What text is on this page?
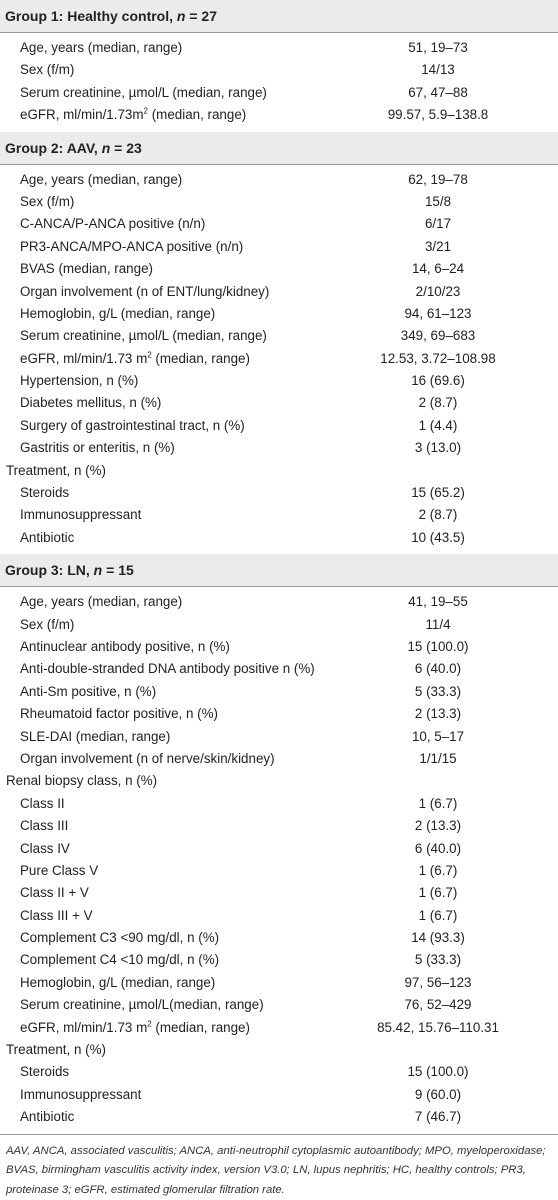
Group 1: Healthy control, n = 27
Age, years (median, range)	51, 19–73
Sex (f/m)	14/13
Serum creatinine, µmol/L (median, range)	67, 47–88
eGFR, $ml/\min/1.73m^2$ (median, range)	99.57, 5.9–138.8
Group 2: AAV, n = 23
Age, years (median, range)	62, 19–78
Sex (f/m)	15/8
C-ANCA/P-ANCA positive (n/n)	6/17
PR3-ANCA/MPO-ANCA positive (n/n)	3/21
BVAS (median, range)	14, 6–24
Organ involvement (n of ENT/lung/kidney)	2/10/23
Hemoglobin, g/L (median, range)	94, 61–123
Serum creatinine, µmol/L (median, range)	349, 69–683
eGFR, ml/min/1.73 $m^2$ (median, range)	12.53, 3.72–108.98
Hypertension, n (%)	16 (69.6)
Diabetes mellitus, n (%)	2 (8.7)
Surgery of gastrointestinal tract, n (%)	1 (4.4)
Gastritis or enteritis, n (%)	3 (13.0)
Treatment, n (%)
Steroids	15 (65.2)
Immunosuppressant	2 (8.7)
Antibiotic	10 (43.5)
Group 3: LN, n = 15
Age, years (median, range)	41, 19–55
Sex (f/m)	11/4
Antinuclear antibody positive, n (%)	15 (100.0)
Anti-double-stranded DNA antibody positive n (%)	6 (40.0)
Anti-Sm positive, n (%)	5 (33.3)
Rheumatoid factor positive, n (%)	2 (13.3)
SLE-DAI (median, range)	10, 5–17
Organ involvement (n of nerve/skin/kidney)	1/1/15
Renal biopsy class, n (%)
Class II	1 (6.7)
Class III	2 (13.3)
Class IV	6 (40.0)
Pure Class V	1 (6.7)
Class II + V	1 (6.7)
Class III + V	1 (6.7)
Complement C3 <90 mg/dl, n (%)	14 (93.3)
Complement C4 <10 mg/dl, n (%)	5 (33.3)
Hemoglobin, g/L (median, range)	97, 56–123
Serum creatinine, µmol/L(median, range)	76, 52–429
eGFR, ml/min/1.73 $m^2$ (median, range)	85.42, 15.76–110.31
Treatment, n (%)
Steroids	15 (100.0)
Immunosuppressant	9 (60.0)
Antibiotic	7 (46.7)
AAV, ANCA, associated vasculitis; ANCA, anti-neutrophil cytoplasmic autoantibody; MPO, myeloperoxidase; BVAS, birmingham vasculitis activity index, version V3.0; LN, lupus nephritis; HC, healthy controls; PR3, proteinase 3; eGFR, estimated glomerular filtration rate.
